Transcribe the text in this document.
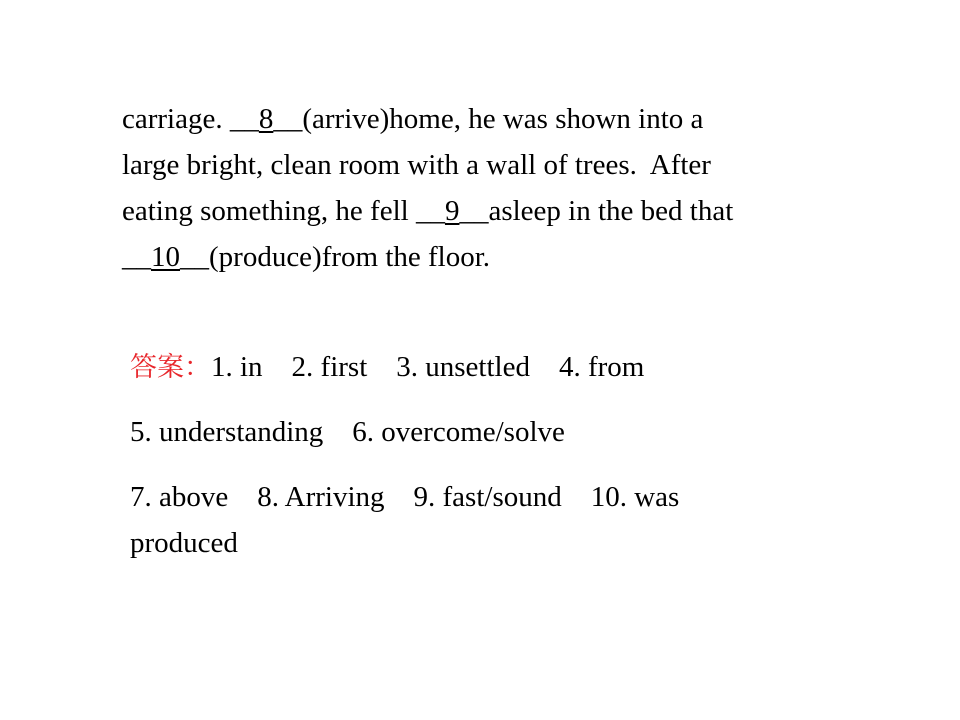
carriage. __8__(arrive)home, he was shown into a
large bright, clean room with a wall of trees.  After
eating something, he fell __9__asleep in the bed that
__10__(produce)from the floor.
答案：1. in    2. first    3. unsettled    4. from
5. understanding    6. overcome/solve
7. above    8. Arriving    9. fast/sound    10. was
produced
